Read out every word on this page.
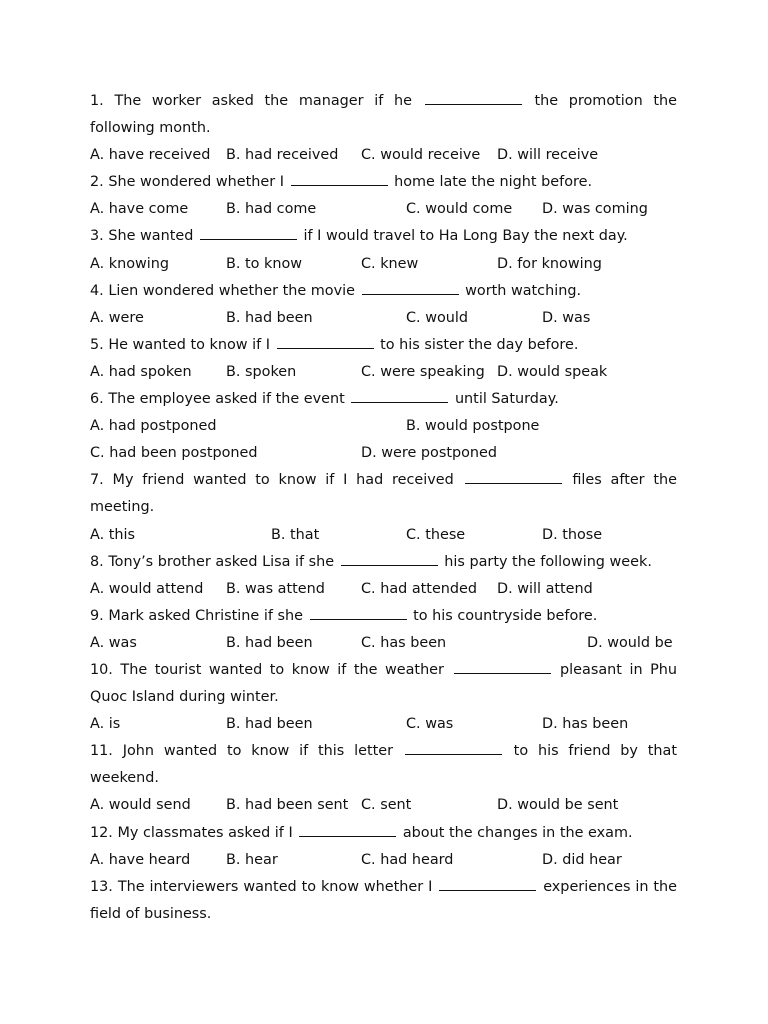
1. The worker asked the manager if he	the promotion the following month.
A. have received B. had received C. would receive D. will receive
2. She wondered whether I	home late the night before.
A. have come	B. had come	C. would come D. was coming
3. She wanted	if I would travel to Ha Long Bay the next day.
A. knowing	B. to know	C. knew	D. for knowing
4. Lien wondered whether the movie	worth watching.
A. were	B. had been	C. would	D. was
5. He wanted to know if I	to his sister the day before.
A. had spoken B. spoken	C. were speaking D. would speak
6. The employee asked if the event	until Saturday.
A. had postponed	B. would postpone
C. had been postponed	D. were postponed
7. My friend wanted to know if I had received	files after the meeting.
A. this	B. that	C. these	D. those
8. Tony’s brother asked Lisa if she	his party the following week.
A. would attend B. was attend	C. had attended D. will attend
9. Mark asked Christine if she	to his countryside before.
A. was	B. had been	C. has been	D. would be
10. The tourist wanted to know if the weather	pleasant in Phu Quoc Island during winter.
A. is	B. had been	C. was	D. has been
11. John wanted to know if this letter	to his friend by that weekend.
A. would send B. had been sent C. sent	D. would be sent
12. My classmates asked if I	about the changes in the exam.
A. have heard B. hear	C. had heard	D. did hear
13. The interviewers wanted to know whether I	experiences in the field of business.
